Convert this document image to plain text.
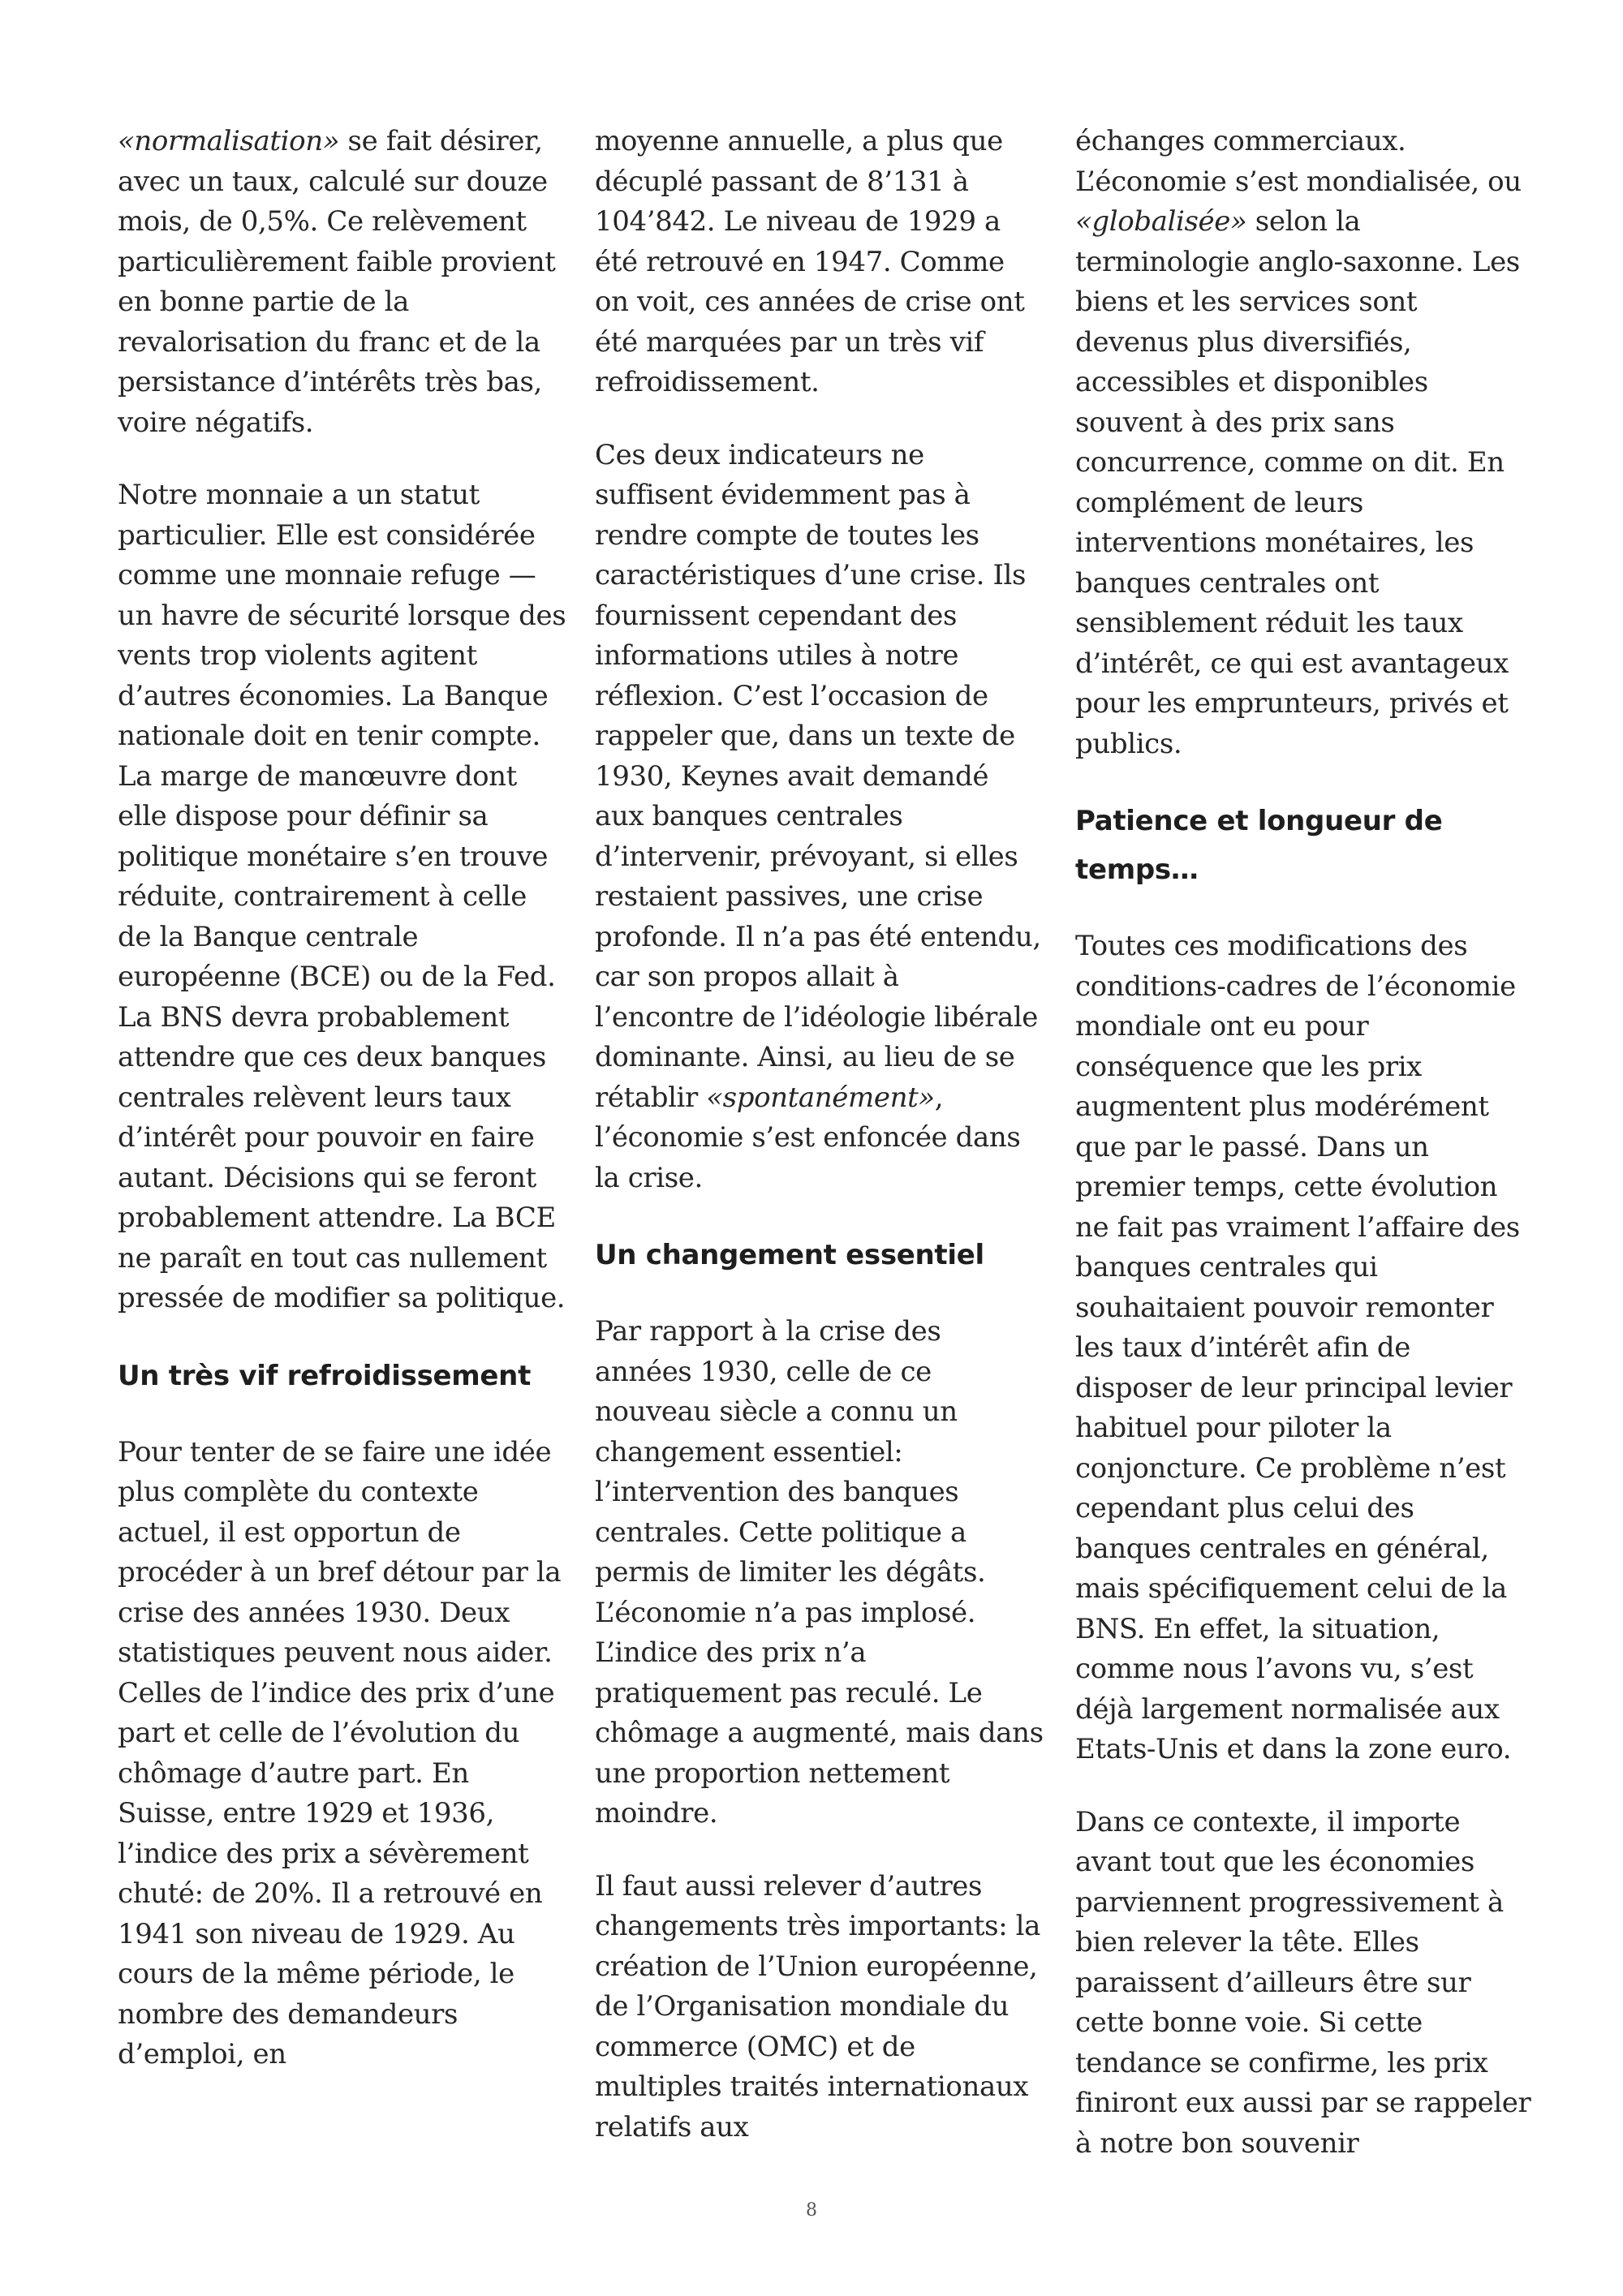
«normalisation» se fait désirer, avec un taux, calculé sur douze mois, de 0,5%. Ce relèvement particulièrement faible provient en bonne partie de la revalorisation du franc et de la persistance d’intérêts très bas, voire négatifs.

Notre monnaie a un statut particulier. Elle est considérée comme une monnaie refuge — un havre de sécurité lorsque des vents trop violents agitent d’autres économies. La Banque nationale doit en tenir compte. La marge de manœuvre dont elle dispose pour définir sa politique monétaire s’en trouve réduite, contrairement à celle de la Banque centrale européenne (BCE) ou de la Fed. La BNS devra probablement attendre que ces deux banques centrales relèvent leurs taux d’intérêt pour pouvoir en faire autant. Décisions qui se feront probablement attendre. La BCE ne paraît en tout cas nullement pressée de modifier sa politique.

Un très vif refroidissement

Pour tenter de se faire une idée plus complète du contexte actuel, il est opportun de procéder à un bref détour par la crise des années 1930. Deux statistiques peuvent nous aider. Celles de l’indice des prix d’une part et celle de l’évolution du chômage d’autre part. En Suisse, entre 1929 et 1936, l’indice des prix a sévèrement chuté: de 20%. Il a retrouvé en 1941 son niveau de 1929. Au cours de la même période, le nombre des demandeurs d’emploi, en

moyenne annuelle, a plus que décuplé passant de 8’131 à 104’842. Le niveau de 1929 a été retrouvé en 1947. Comme on voit, ces années de crise ont été marquées par un très vif refroidissement.

Ces deux indicateurs ne suffisent évidemment pas à rendre compte de toutes les caractéristiques d’une crise. Ils fournissent cependant des informations utiles à notre réflexion. C’est l’occasion de rappeler que, dans un texte de 1930, Keynes avait demandé aux banques centrales d’intervenir, prévoyant, si elles restaient passives, une crise profonde. Il n’a pas été entendu, car son propos allait à l’encontre de l’idéologie libérale dominante. Ainsi, au lieu de se rétablir «spontanément», l’économie s’est enfoncée dans la crise.

Un changement essentiel

Par rapport à la crise des années 1930, celle de ce nouveau siècle a connu un changement essentiel: l’intervention des banques centrales. Cette politique a permis de limiter les dégâts. L’économie n’a pas implosé. L’indice des prix n’a pratiquement pas reculé. Le chômage a augmenté, mais dans une proportion nettement moindre.

Il faut aussi relever d’autres changements très importants: la création de l’Union européenne, de l’Organisation mondiale du commerce (OMC) et de multiples traités internationaux relatifs aux

échanges commerciaux. L’économie s’est mondialisée, ou «globalisée» selon la terminologie anglo-saxonne. Les biens et les services sont devenus plus diversifiés, accessibles et disponibles souvent à des prix sans concurrence, comme on dit. En complément de leurs interventions monétaires, les banques centrales ont sensiblement réduit les taux d’intérêt, ce qui est avantageux pour les emprunteurs, privés et publics.

Patience et longueur de temps…

Toutes ces modifications des conditions-cadres de l’économie mondiale ont eu pour conséquence que les prix augmentent plus modérément que par le passé. Dans un premier temps, cette évolution ne fait pas vraiment l’affaire des banques centrales qui souhaitaient pouvoir remonter les taux d’intérêt afin de disposer de leur principal levier habituel pour piloter la conjoncture. Ce problème n’est cependant plus celui des banques centrales en général, mais spécifiquement celui de la BNS. En effet, la situation, comme nous l’avons vu, s’est déjà largement normalisée aux Etats-Unis et dans la zone euro.

Dans ce contexte, il importe avant tout que les économies parviennent progressivement à bien relever la tête. Elles paraissent d’ailleurs être sur cette bonne voie. Si cette tendance se confirme, les prix finiront eux aussi par se rappeler à notre bon souvenir

8
